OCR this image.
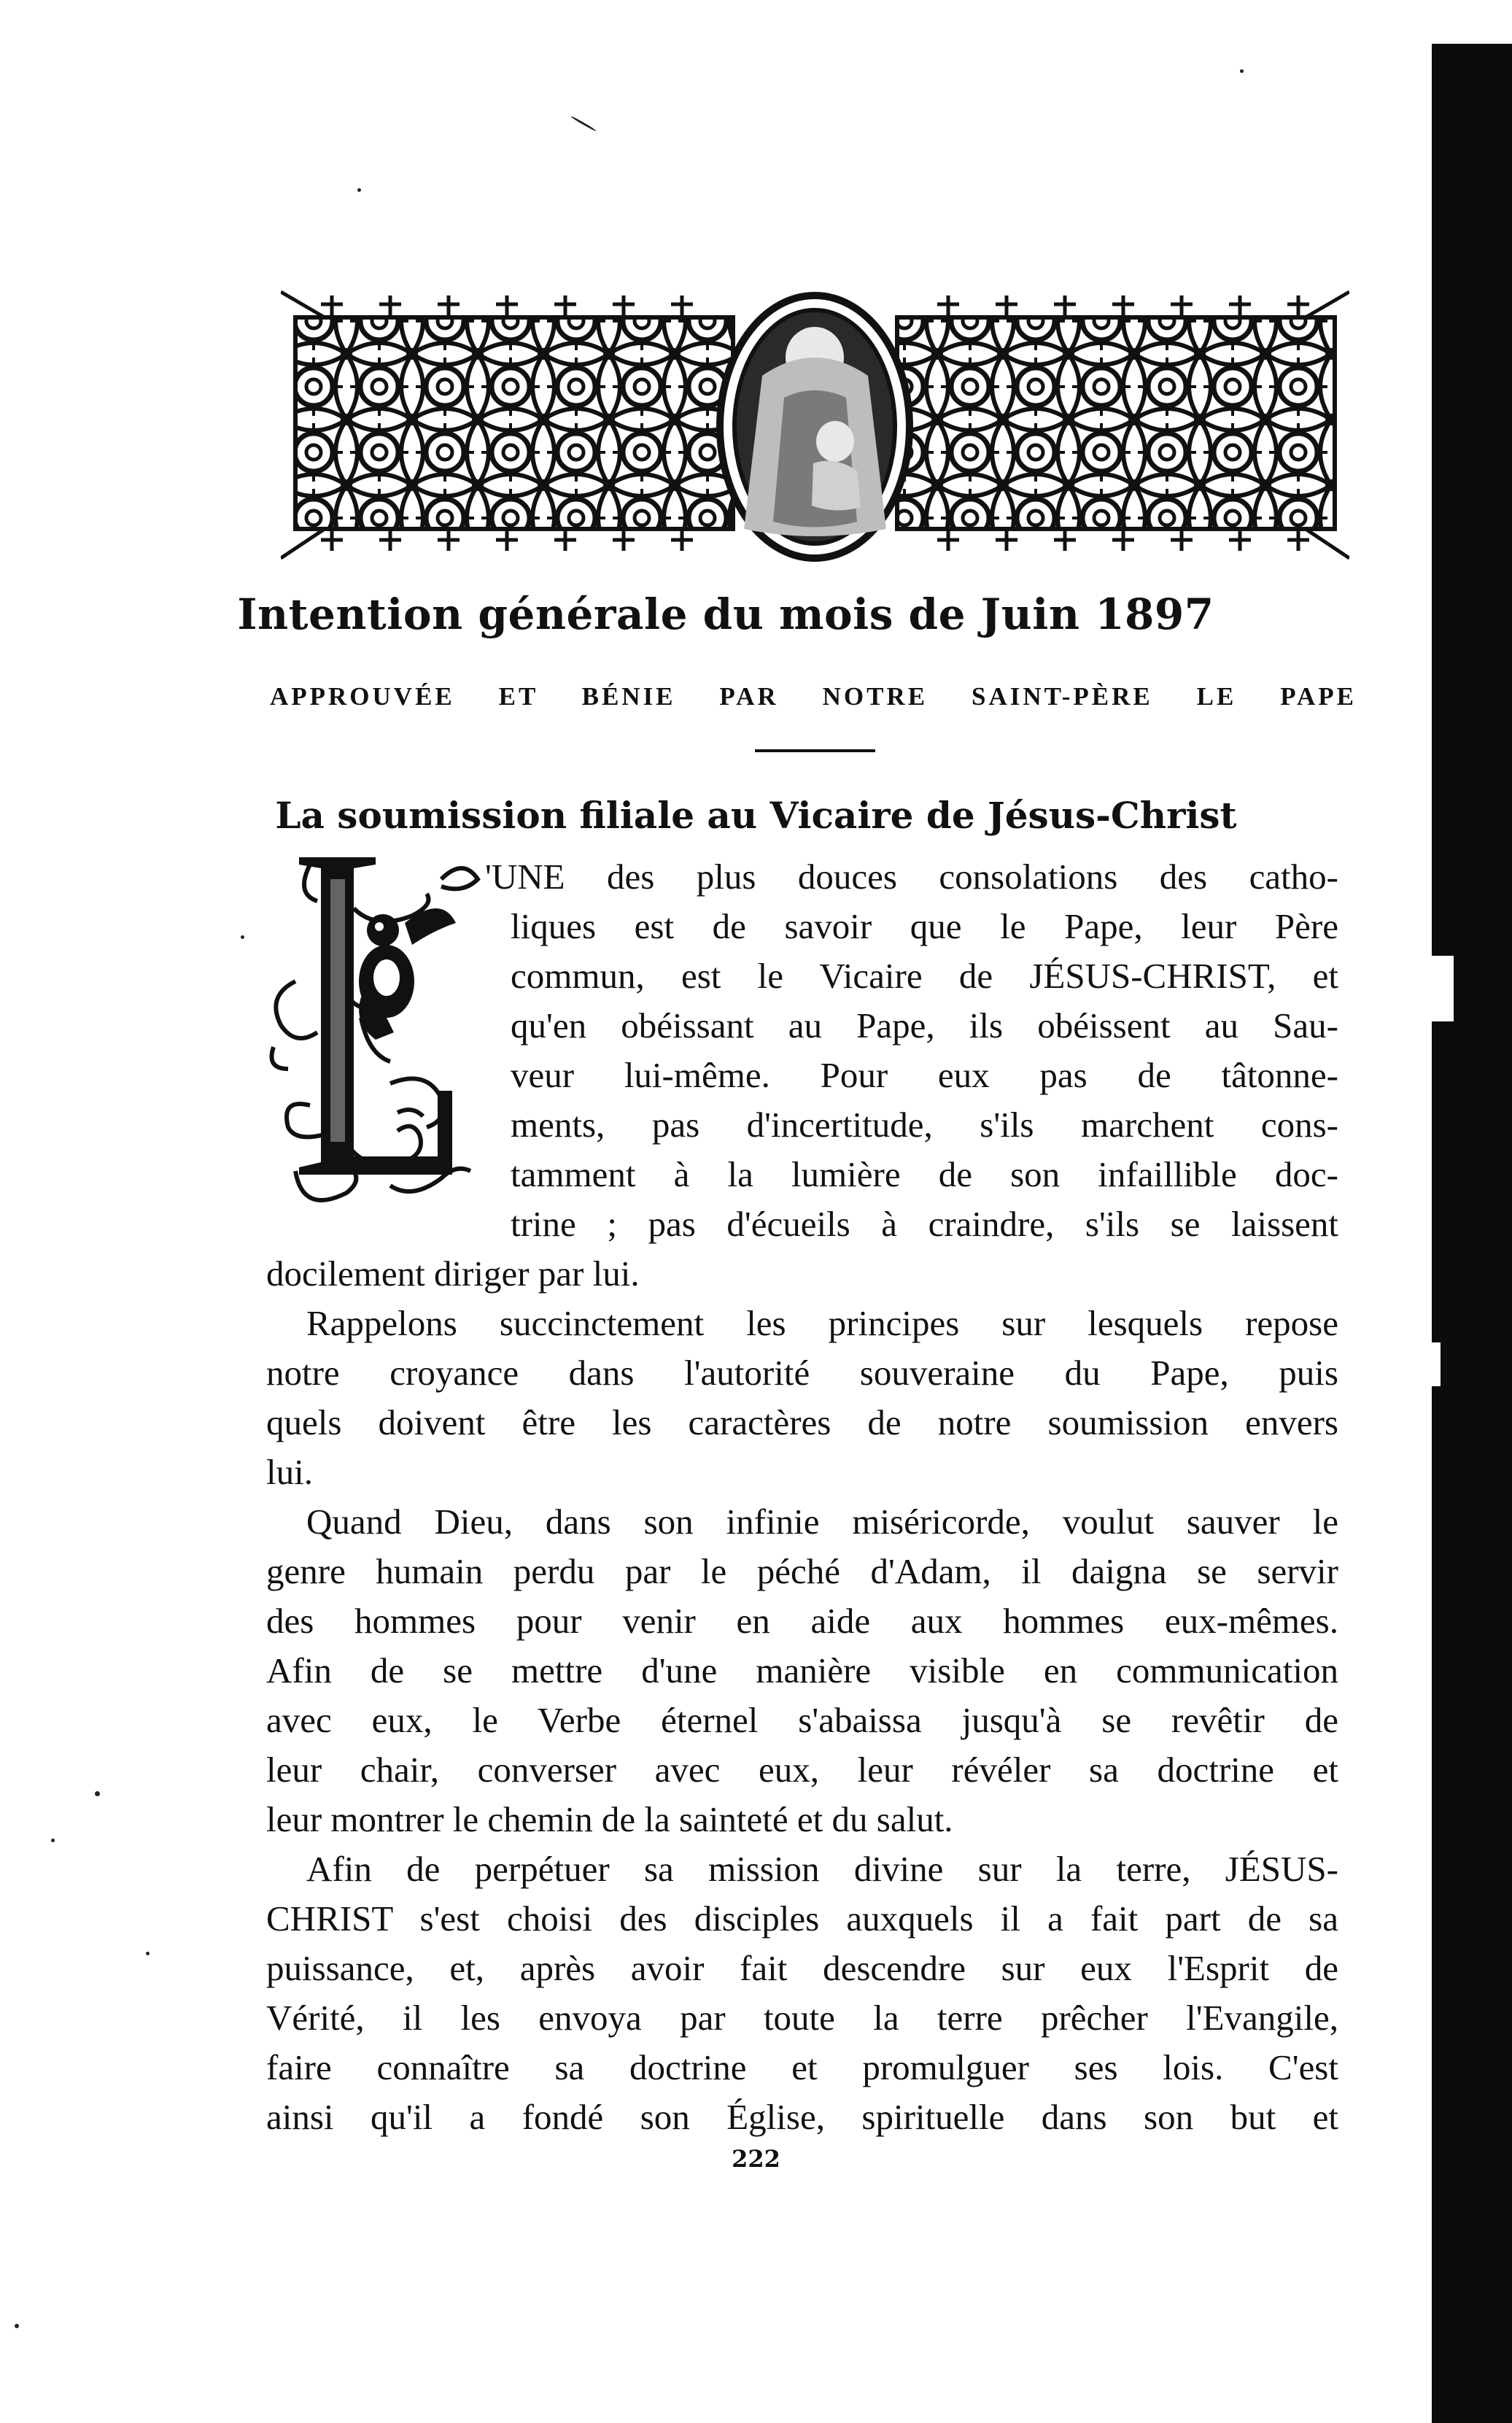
Intention générale du mois de Juin 1897
APPROUVÉE ET BÉNIE PAR NOTRE SAINT-PÈRE LE PAPE
La soumission filiale au Vicaire de Jésus-Christ
'UNE des plus douces consolations des catho-
liques est de savoir que le Pape, leur Père
commun, est le Vicaire de JÉSUS-CHRIST, et
qu'en obéissant au Pape, ils obéissent au Sau-
veur lui-même. Pour eux pas de tâtonne-
ments, pas d'incertitude, s'ils marchent cons-
tamment à la lumière de son infaillible doc-
trine ; pas d'écueils à craindre, s'ils se laissent
docilement diriger par lui.
Rappelons succinctement les principes sur lesquels repose
notre croyance dans l'autorité souveraine du Pape, puis
quels doivent être les caractères de notre soumission envers
lui.
Quand Dieu, dans son infinie miséricorde, voulut sauver le
genre humain perdu par le péché d'Adam, il daigna se servir
des hommes pour venir en aide aux hommes eux-mêmes.
Afin de se mettre d'une manière visible en communication
avec eux, le Verbe éternel s'abaissa jusqu'à se revêtir de
leur chair, converser avec eux, leur révéler sa doctrine et
leur montrer le chemin de la sainteté et du salut.
Afin de perpétuer sa mission divine sur la terre, JÉSUS-
CHRIST s'est choisi des disciples auxquels il a fait part de sa
puissance, et, après avoir fait descendre sur eux l'Esprit de
Vérité, il les envoya par toute la terre prêcher l'Evangile,
faire connaître sa doctrine et promulguer ses lois. C'est
ainsi qu'il a fondé son Église, spirituelle dans son but et
222
